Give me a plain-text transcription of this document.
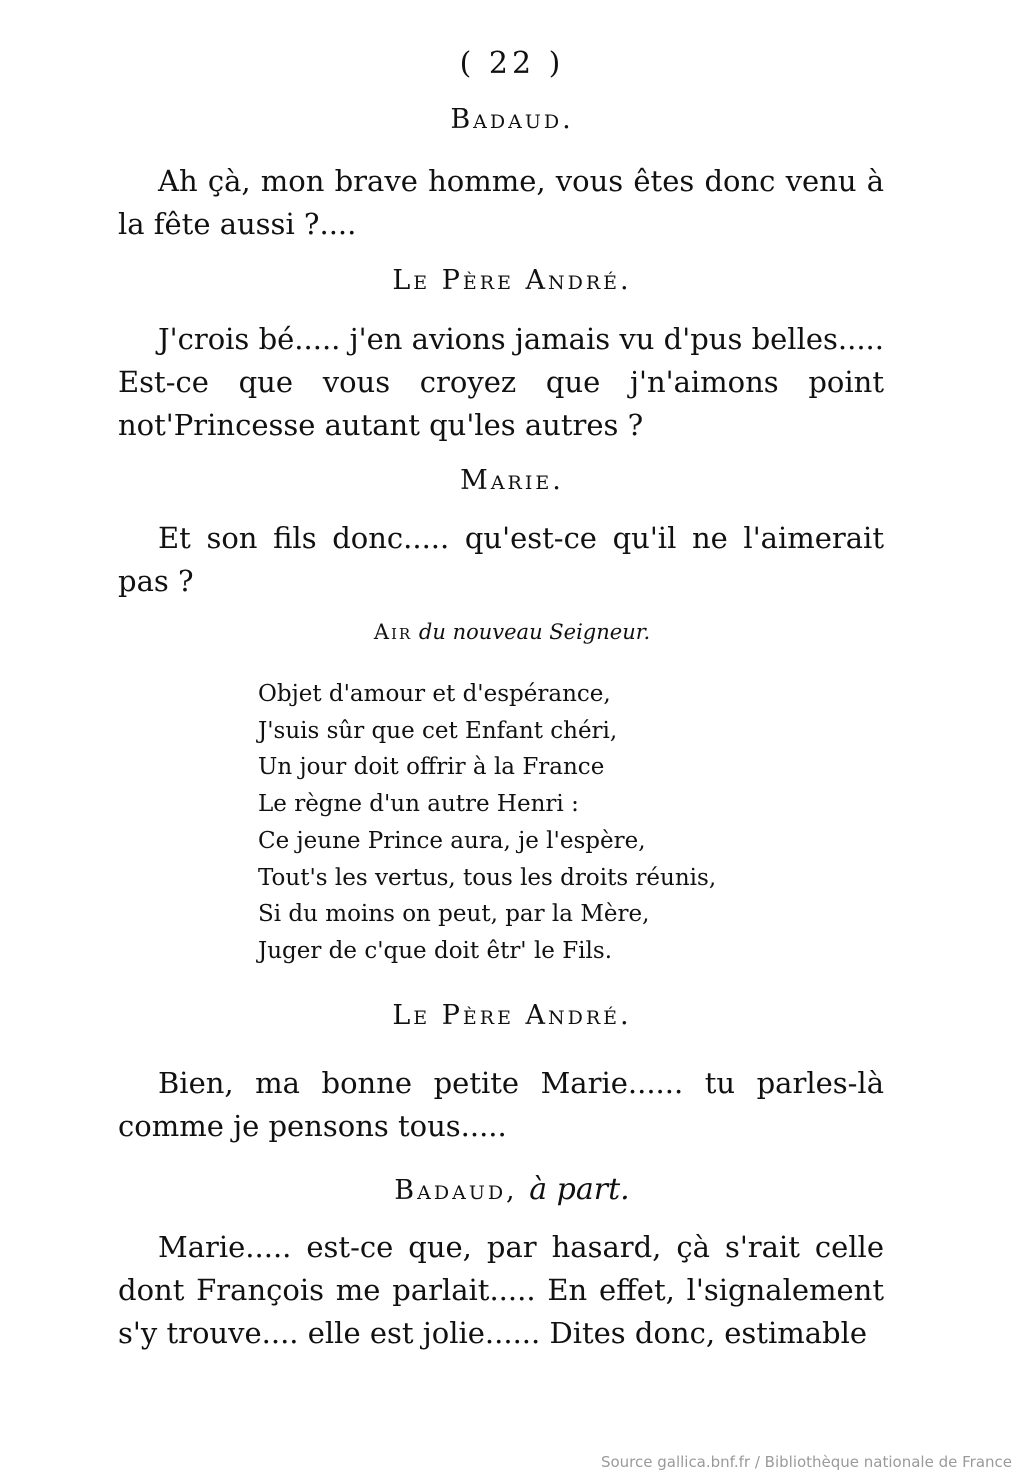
( 22 )
Badaud.
Ah çà, mon brave homme, vous êtes donc venu à la fête aussi ?....
Le Père André.
J'crois bé..... j'en avions jamais vu d'pus belles..... Est-ce que vous croyez que j'n'aimons point not'Princesse autant qu'les autres ?
Marie.
Et son fils donc..... qu'est-ce qu'il ne l'aimerait pas ?
Air du nouveau Seigneur.
Objet d'amour et d'espérance,
J'suis sûr que cet Enfant chéri,
Un jour doit offrir à la France
Le règne d'un autre Henri :
Ce jeune Prince aura, je l'espère,
Tout's les vertus, tous les droits réunis,
Si du moins on peut, par la Mère,
Juger de c'que doit êtr' le Fils.
Le Père André.
Bien, ma bonne petite Marie...... tu parles-là comme je pensons tous.....
Badaud, à part.
Marie..... est-ce que, par hasard, çà s'rait celle dont François me parlait..... En effet, l'signalement s'y trouve.... elle est jolie...... Dites donc, estimable
Source gallica.bnf.fr / Bibliothèque nationale de France
